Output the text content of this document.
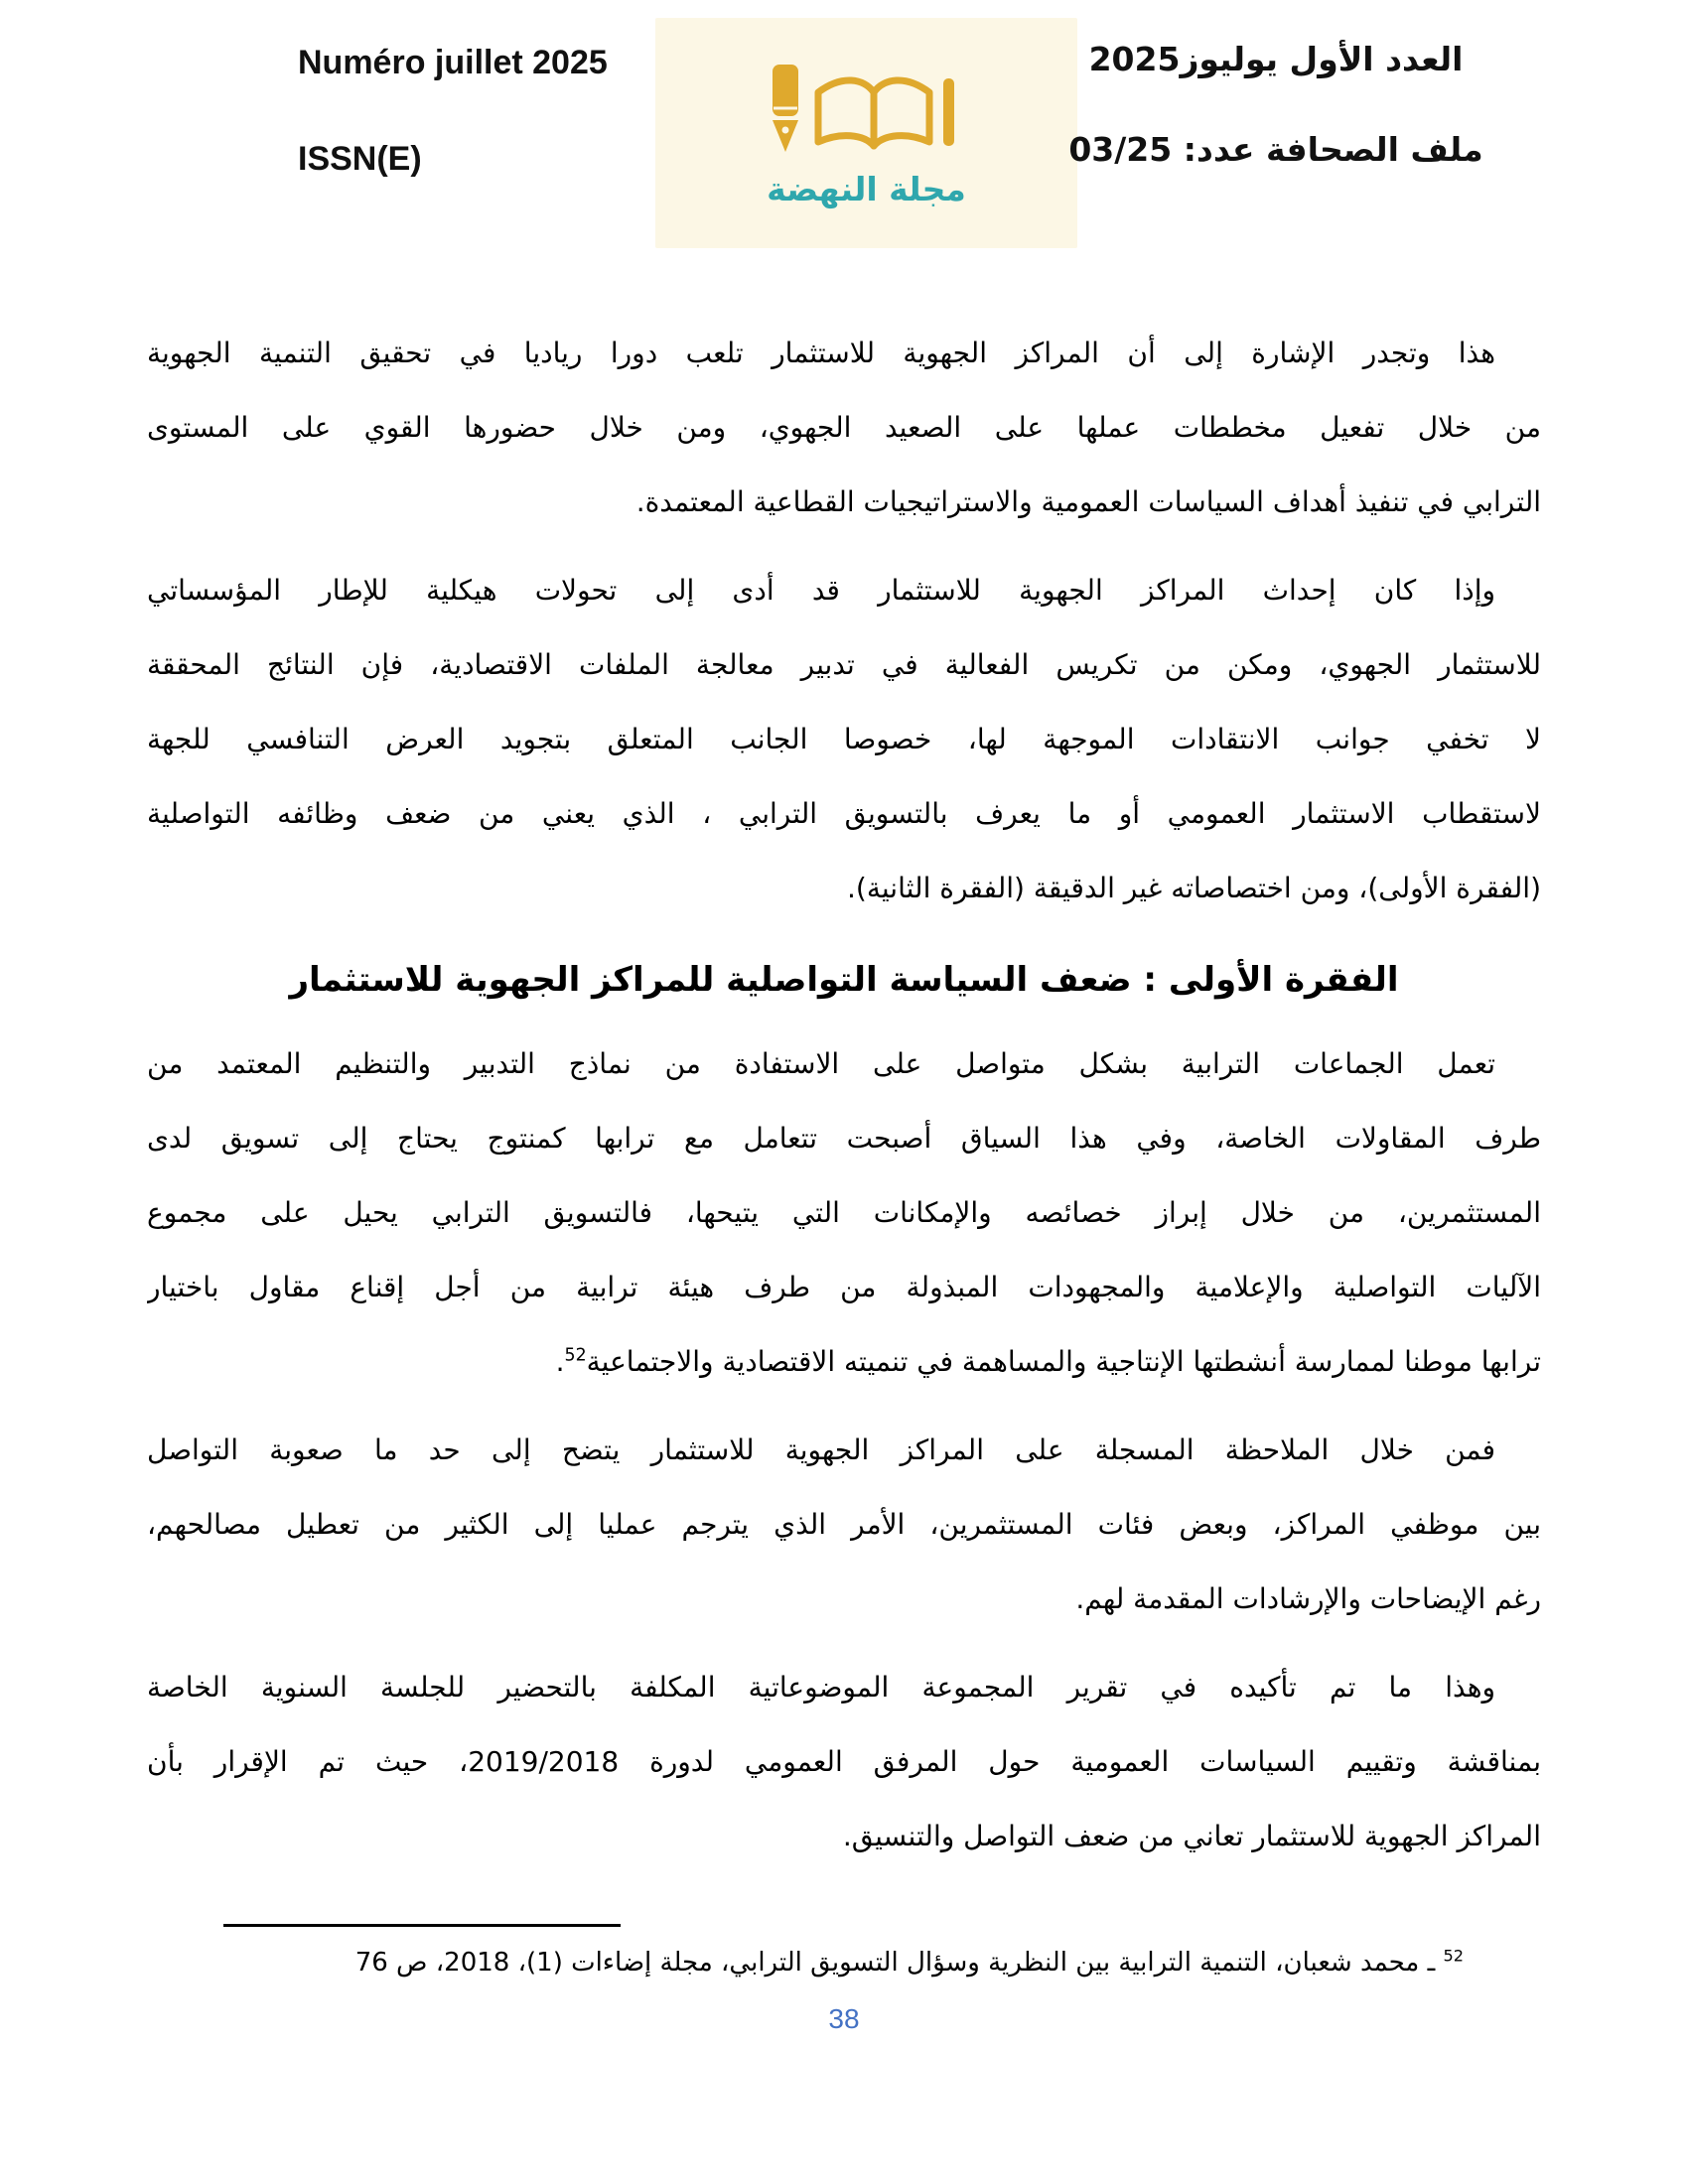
Numéro juillet 2025
ISSN(E)
مجلة النهضة
العدد الأول يوليوز2025
ملف الصحافة عدد: 03/25
هذا وتجدر الإشارة إلى أن المراكز الجهوية للاستثمار تلعب دورا رياديا في تحقيق التنمية الجهوية
من خلال تفعيل مخططات عملها على الصعيد الجهوي، ومن خلال حضورها القوي على المستوى
الترابي في تنفيذ أهداف السياسات العمومية والاستراتيجيات القطاعية المعتمدة.
وإذا كان إحداث المراكز الجهوية للاستثمار قد أدى إلى تحولات هيكلية للإطار المؤسساتي
للاستثمار الجهوي، ومكن من تكريس الفعالية في تدبير معالجة الملفات الاقتصادية، فإن النتائج المحققة
لا تخفي جوانب الانتقادات الموجهة لها، خصوصا الجانب المتعلق بتجويد العرض التنافسي للجهة
لاستقطاب الاستثمار العمومي أو ما يعرف بالتسويق الترابي ، الذي يعني من ضعف وظائفه التواصلية
(الفقرة الأولى)، ومن اختصاصاته غير الدقيقة (الفقرة الثانية).
الفقرة الأولى : ضعف السياسة التواصلية للمراكز الجهوية للاستثمار
تعمل الجماعات الترابية بشكل متواصل على الاستفادة من نماذج التدبير والتنظيم المعتمد من
طرف المقاولات الخاصة، وفي هذا السياق أصبحت تتعامل مع ترابها كمنتوج يحتاج إلى تسويق لدى
المستثمرين، من خلال إبراز خصائصه والإمكانات التي يتيحها، فالتسويق الترابي يحيل على مجموع
الآليات التواصلية والإعلامية والمجهودات المبذولة من طرف هيئة ترابية من أجل إقناع مقاول باختيار
ترابها موطنا لممارسة أنشطتها الإنتاجية والمساهمة في تنميته الاقتصادية والاجتماعية$^{52}$.
فمن خلال الملاحظة المسجلة على المراكز الجهوية للاستثمار يتضح إلى حد ما صعوبة التواصل
بين موظفي المراكز، وبعض فئات المستثمرين، الأمر الذي يترجم عمليا إلى الكثير من تعطيل مصالحهم،
رغم الإيضاحات والإرشادات المقدمة لهم.
وهذا ما تم تأكيده في تقرير المجموعة الموضوعاتية المكلفة بالتحضير للجلسة السنوية الخاصة
بمناقشة وتقييم السياسات العمومية حول المرفق العمومي لدورة 2019/2018، حيث تم الإقرار بأن
المراكز الجهوية للاستثمار تعاني من ضعف التواصل والتنسيق.
$^{52}$ ـ محمد شعبان، التنمية الترابية بين النظرية وسؤال التسويق الترابي، مجلة إضاءات (1)، 2018، ص 76
38
